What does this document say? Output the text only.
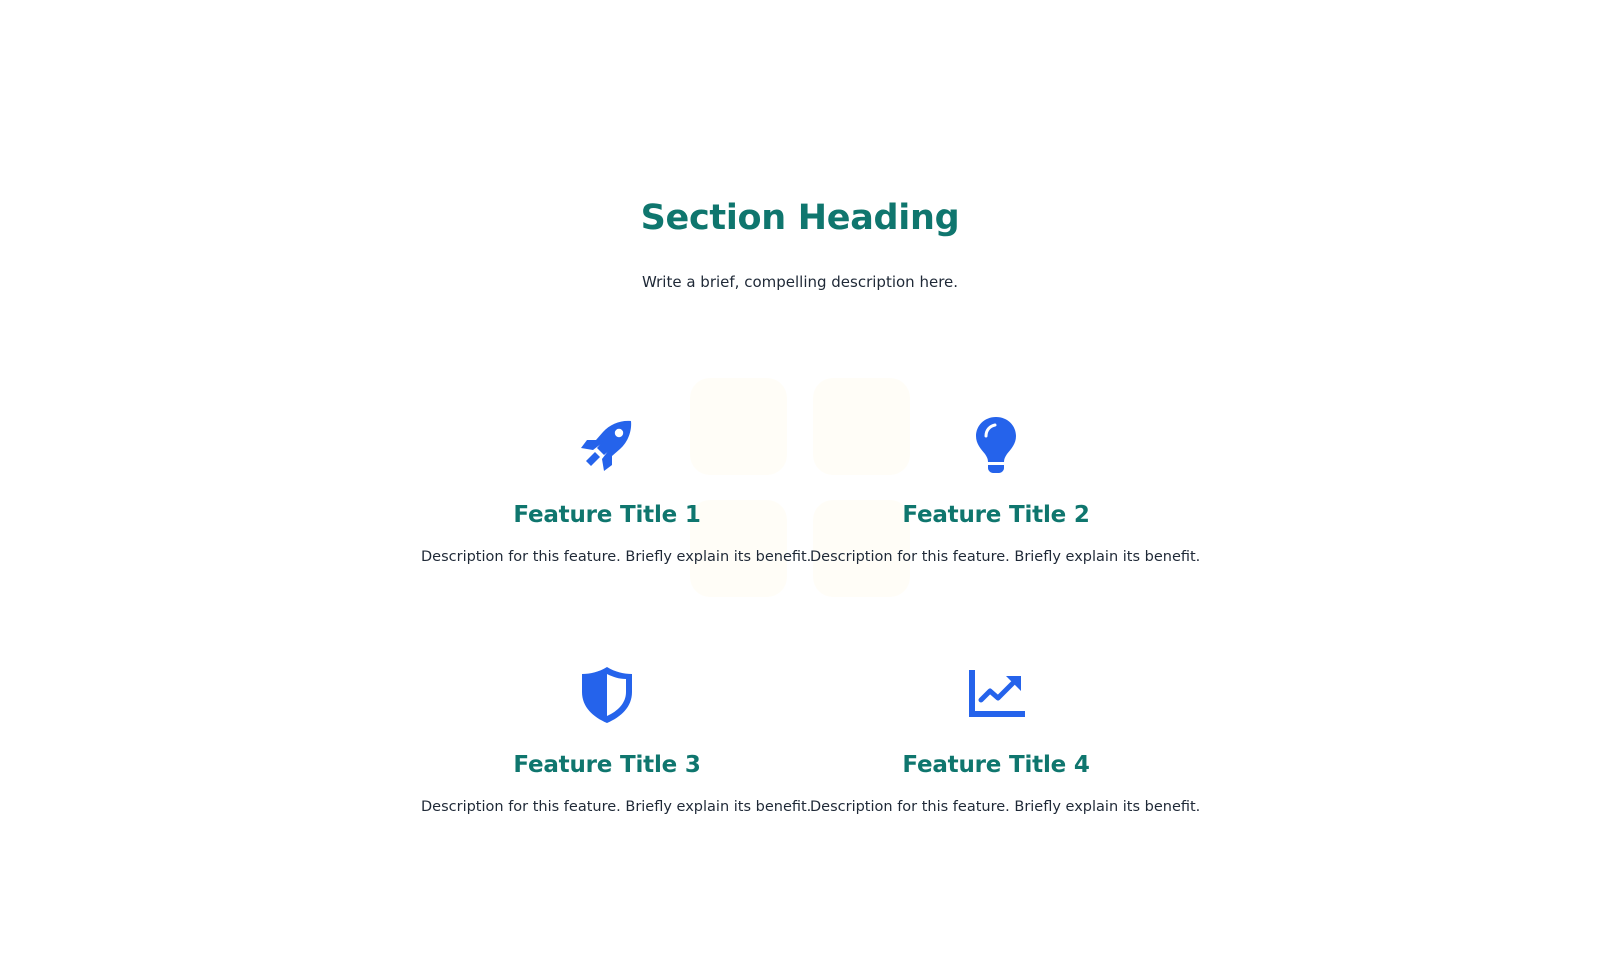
Section Heading

Write a brief, compelling description here.

Feature Title 1

Description for this feature. Briefly explain its benefit.

Feature Title 2

Description for this feature. Briefly explain its benefit.

Feature Title 3

Description for this feature. Briefly explain its benefit.

Feature Title 4

Description for this feature. Briefly explain its benefit.
